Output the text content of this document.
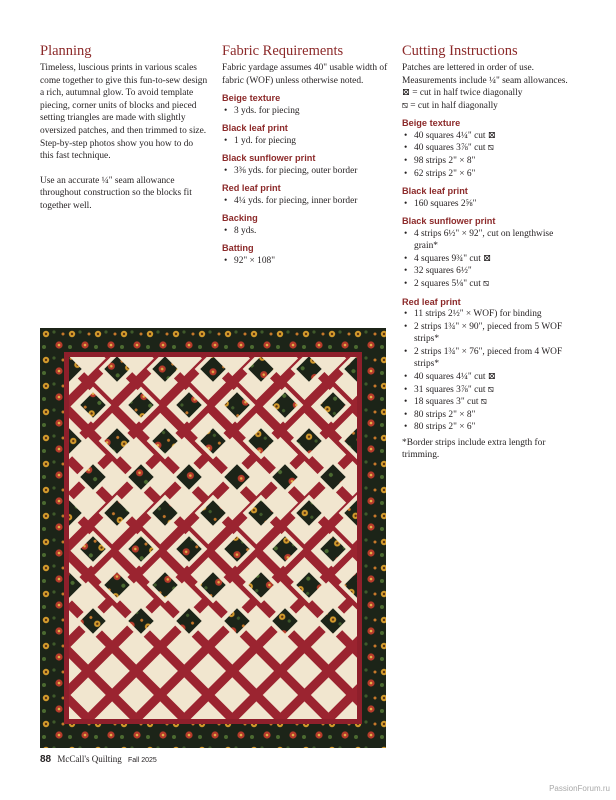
Planning

Timeless, luscious prints in various scales come together to give this fun-to-sew design a rich, autumnal glow. To avoid template piecing, corner units of blocks and pieced setting triangles are made with slightly oversized patches, and then trimmed to size. Step-by-step photos show you how to do this fast technique.

Use an accurate ¼" seam allowance throughout construction so the blocks fit together well.

Fabric Requirements

Fabric yardage assumes 40" usable width of fabric (WOF) unless otherwise noted.

Beige texture
• 3 yds. for piecing
Black leaf print
• 1 yd. for piecing
Black sunflower print
• 3⅜ yds. for piecing, outer border
Red leaf print
• 4¼ yds. for piecing, inner border
Backing
• 8 yds.
Batting
• 92" × 108"
Cutting Instructions

Patches are lettered in order of use. Measurements include ¼" seam allowances.

⊠ = cut in half twice diagonally

⧅ = cut in half diagonally

Beige texture
• 40 squares 4¼" cut ⊠
• 40 squares 3⅞" cut ⧅
• 98 strips 2" × 8"
• 62 strips 2" × 6"
Black leaf print
• 160 squares 2⅝"
Black sunflower print
• 4 strips 6½" × 92", cut on lengthwise grain*
• 4 squares 9¾" cut ⊠
• 32 squares 6½"
• 2 squares 5⅛" cut ⧅
Red leaf print
• 11 strips 2½" × WOF) for binding
• 2 strips 1¾" × 90", pieced from 5 WOF strips*
• 2 strips 1¾" × 76", pieced from 4 WOF strips*
• 40 squares 4¼" cut ⊠
• 31 squares 3⅞" cut ⧅
• 18 squares 3" cut ⧅
• 80 strips 2" × 8"
• 80 strips 2" × 6"

*Border strips include extra length for trimming.

88 McCall's Quilting Fall 2025
PassionForum.ru
